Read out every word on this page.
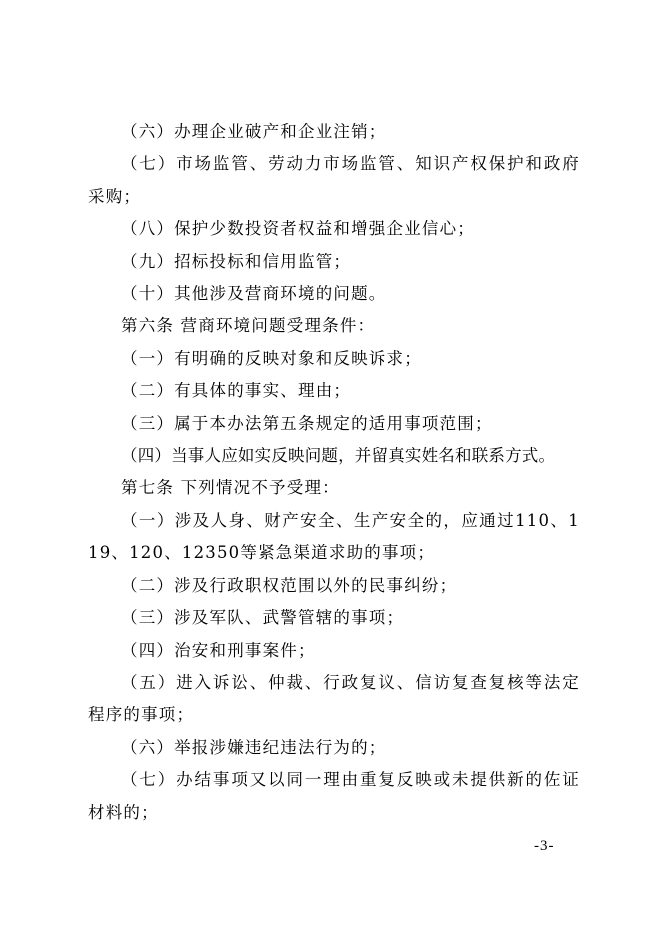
（六）办理企业破产和企业注销；

（七）市场监管、劳动力市场监管、知识产权保护和政府采购；

（八）保护少数投资者权益和增强企业信心；

（九）招标投标和信用监管；

（十）其他涉及营商环境的问题。

第六条 营商环境问题受理条件：

（一）有明确的反映对象和反映诉求；

（二）有具体的事实、理由；

（三）属于本办法第五条规定的适用事项范围；

（四）当事人应如实反映问题，并留真实姓名和联系方式。

第七条 下列情况不予受理：

（一）涉及人身、财产安全、生产安全的，应通过110、119、120、12350等紧急渠道求助的事项；

（二）涉及行政职权范围以外的民事纠纷；

（三）涉及军队、武警管辖的事项；

（四）治安和刑事案件；

（五）进入诉讼、仲裁、行政复议、信访复查复核等法定程序的事项；

（六）举报涉嫌违纪违法行为的；

（七）办结事项又以同一理由重复反映或未提供新的佐证材料的；

-3-
